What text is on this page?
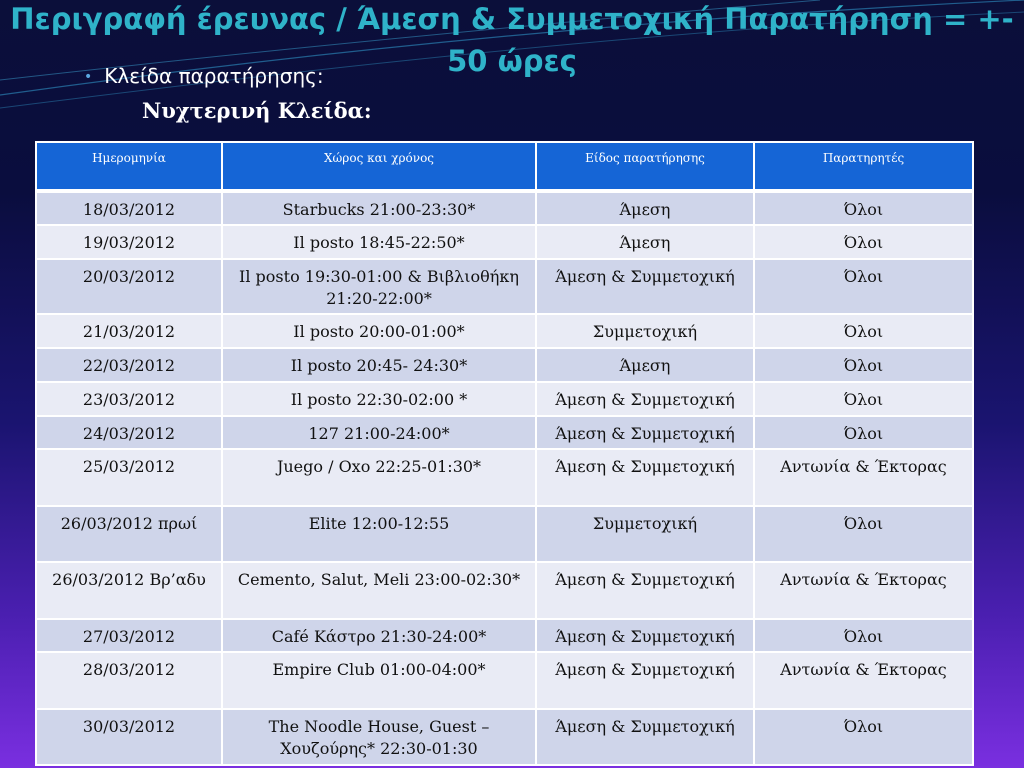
Περιγραφή έρευνας / Άμεση & Συμμετοχική Παρατήρηση = +-
50 ώρες
• Κλείδα παρατήρησης:
Νυχτερινή Κλείδα:
Ημερομηνία	Χώρος και χρόνος	Είδος παρατήρησης	Παρατηρητές
18/03/2012	Starbucks 21:00-23:30*	Άμεση	Όλοι
19/03/2012	Il posto 18:45-22:50*	Άμεση	Όλοι
20/03/2012	Il posto 19:30-01:00 & Βιβλιοθήκη 21:20-22:00*	Άμεση & Συμμετοχική	Όλοι
21/03/2012	Il posto 20:00-01:00*	Συμμετοχική	Όλοι
22/03/2012	Il posto 20:45- 24:30*	Άμεση	Όλοι
23/03/2012	Il posto 22:30-02:00 *	Άμεση & Συμμετοχική	Όλοι
24/03/2012	127 21:00-24:00*	Άμεση & Συμμετοχική	Όλοι
25/03/2012	Juego / Oxo 22:25-01:30*	Άμεση & Συμμετοχική	Αντωνία & Έκτορας
26/03/2012 πρωί	Elite 12:00-12:55	Συμμετοχική	Όλοι
26/03/2012 Βρ’αδυ	Cemento, Salut, Meli 23:00-02:30*	Άμεση & Συμμετοχική	Αντωνία & Έκτορας
27/03/2012	Café Κάστρο 21:30-24:00*	Άμεση & Συμμετοχική	Όλοι
28/03/2012	Empire Club 01:00-04:00*	Άμεση & Συμμετοχική	Αντωνία & Έκτορας
30/03/2012	The Noodle House, Guest – Χουζούρης* 22:30-01:30	Άμεση & Συμμετοχική	Όλοι
